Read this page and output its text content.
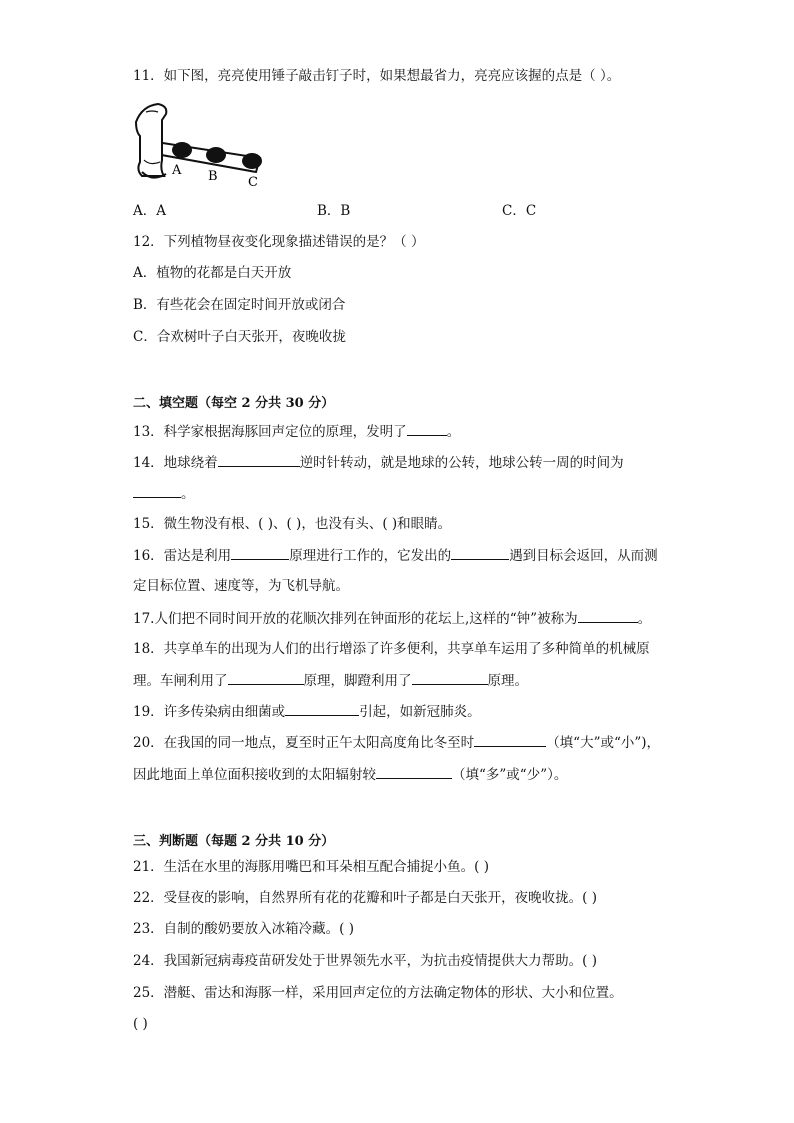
11．如下图，亮亮使用锤子敲击钉子时，如果想最省力，亮亮应该握的点是（ ）。
A B C
A．A	B．B	C．C
12．下列植物昼夜变化现象描述错误的是？（ ）
A．植物的花都是白天开放
B．有些花会在固定时间开放或闭合
C．合欢树叶子白天张开，夜晚收拢
二、填空题（每空 2 分共 30 分）
13．科学家根据海豚回声定位的原理，发明了	。
14．地球绕着	逆时针转动，就是地球的公转，地球公转一周的时间为
。
15．微生物没有根、( )、( )，也没有头、( )和眼睛。
16．雷达是利用	原理进行工作的，它发出的	遇到目标会返回，从而测
定目标位置、速度等，为飞机导航。
17.人们把不同时间开放的花顺次排列在钟面形的花坛上,这样的“钟”被称为	。
18．共享单车的出现为人们的出行增添了许多便利，共享单车运用了多种简单的机械原
理。车闸利用了	原理，脚蹬利用了	原理。
19．许多传染病由细菌或	引起，如新冠肺炎。
20．在我国的同一地点，夏至时正午太阳高度角比冬至时	（填“大”或“小”)，
因此地面上单位面积接收到的太阳辐射较	（填“多”或“少”）。
三、判断题（每题 2 分共 10 分）
21．生活在水里的海豚用嘴巴和耳朵相互配合捕捉小鱼。( )
22．受昼夜的影响，自然界所有花的花瓣和叶子都是白天张开，夜晚收拢。( )
23．自制的酸奶要放入冰箱冷藏。( )
24．我国新冠病毒疫苗研发处于世界领先水平，为抗击疫情提供大力帮助。( )
25．潜艇、雷达和海豚一样，采用回声定位的方法确定物体的形状、大小和位置。
( )
